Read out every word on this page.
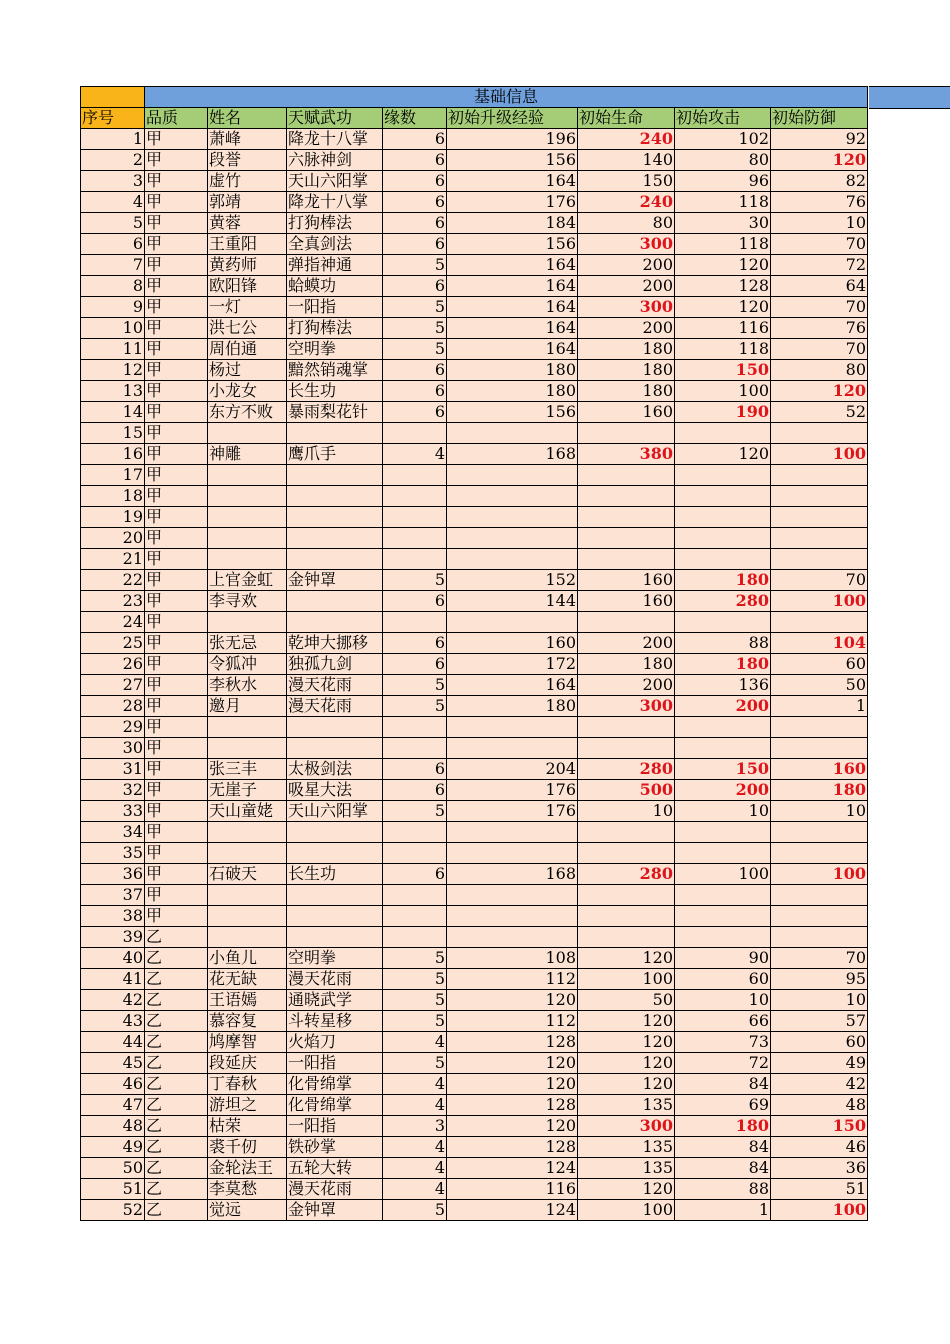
	基础信息							
序号	品质	姓名	天赋武功	缘数	初始升级经验	初始生命	初始攻击	初始防御
1	甲	萧峰	降龙十八掌	6	196	240	102	92
2	甲	段誉	六脉神剑	6	156	140	80	120
3	甲	虚竹	天山六阳掌	6	164	150	96	82
4	甲	郭靖	降龙十八掌	6	176	240	118	76
5	甲	黄蓉	打狗棒法	6	184	80	30	10
6	甲	王重阳	全真剑法	6	156	300	118	70
7	甲	黄药师	弹指神通	5	164	200	120	72
8	甲	欧阳锋	蛤蟆功	6	164	200	128	64
9	甲	一灯	一阳指	5	164	300	120	70
10	甲	洪七公	打狗棒法	5	164	200	116	76
11	甲	周伯通	空明拳	5	164	180	118	70
12	甲	杨过	黯然销魂掌	6	180	180	150	80
13	甲	小龙女	长生功	6	180	180	100	120
14	甲	东方不败	暴雨梨花针	6	156	160	190	52
15	甲							
16	甲	神雕	鹰爪手	4	168	380	120	100
17	甲							
18	甲							
19	甲							
20	甲							
21	甲							
22	甲	上官金虹	金钟罩	5	152	160	180	70
23	甲	李寻欢		6	144	160	280	100
24	甲							
25	甲	张无忌	乾坤大挪移	6	160	200	88	104
26	甲	令狐冲	独孤九剑	6	172	180	180	60
27	甲	李秋水	漫天花雨	5	164	200	136	50
28	甲	邀月	漫天花雨	5	180	300	200	1
29	甲							
30	甲							
31	甲	张三丰	太极剑法	6	204	280	150	160
32	甲	无崖子	吸星大法	6	176	500	200	180
33	甲	天山童姥	天山六阳掌	5	176	10	10	10
34	甲							
35	甲							
36	甲	石破天	长生功	6	168	280	100	100
37	甲							
38	甲							
39	乙							
40	乙	小鱼儿	空明拳	5	108	120	90	70
41	乙	花无缺	漫天花雨	5	112	100	60	95
42	乙	王语嫣	通晓武学	5	120	50	10	10
43	乙	慕容复	斗转星移	5	112	120	66	57
44	乙	鸠摩智	火焰刀	4	128	120	73	60
45	乙	段延庆	一阳指	5	120	120	72	49
46	乙	丁春秋	化骨绵掌	4	120	120	84	42
47	乙	游坦之	化骨绵掌	4	128	135	69	48
48	乙	枯荣	一阳指	3	120	300	180	150
49	乙	裘千仞	铁砂掌	4	128	135	84	46
50	乙	金轮法王	五轮大转	4	124	135	84	36
51	乙	李莫愁	漫天花雨	4	116	120	88	51
52	乙	觉远	金钟罩	5	124	100	1	100
